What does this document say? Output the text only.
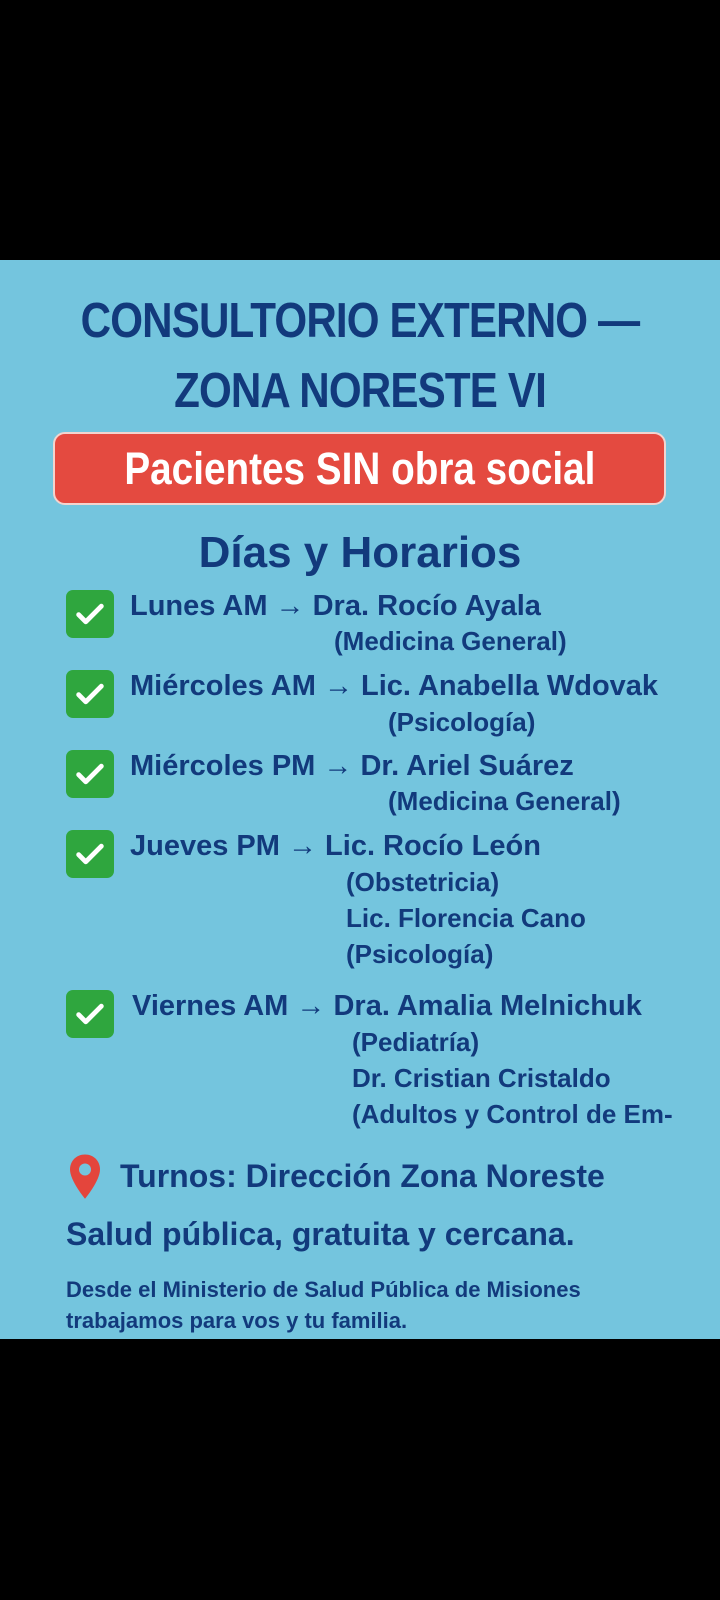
CONSULTORIO EXTERNO —
ZONA NORESTE VI
Pacientes SIN obra social
Días y Horarios
Lunes AM → Dra. Rocío Ayala
(Medicina General)
Miércoles AM → Lic. Anabella Wdovak
(Psicología)
Miércoles PM → Dr. Ariel Suárez
(Medicina General)
Jueves PM → Lic. Rocío León
(Obstetricia)
Lic. Florencia Cano
(Psicología)
Viernes AM → Dra. Amalia Melnichuk
(Pediatría)
Dr. Cristian Cristaldo
(Adultos y Control de Em-
Turnos: Dirección Zona Noreste
Salud pública, gratuita y cercana.
Desde el Ministerio de Salud Pública de Misiones
trabajamos para vos y tu familia.
